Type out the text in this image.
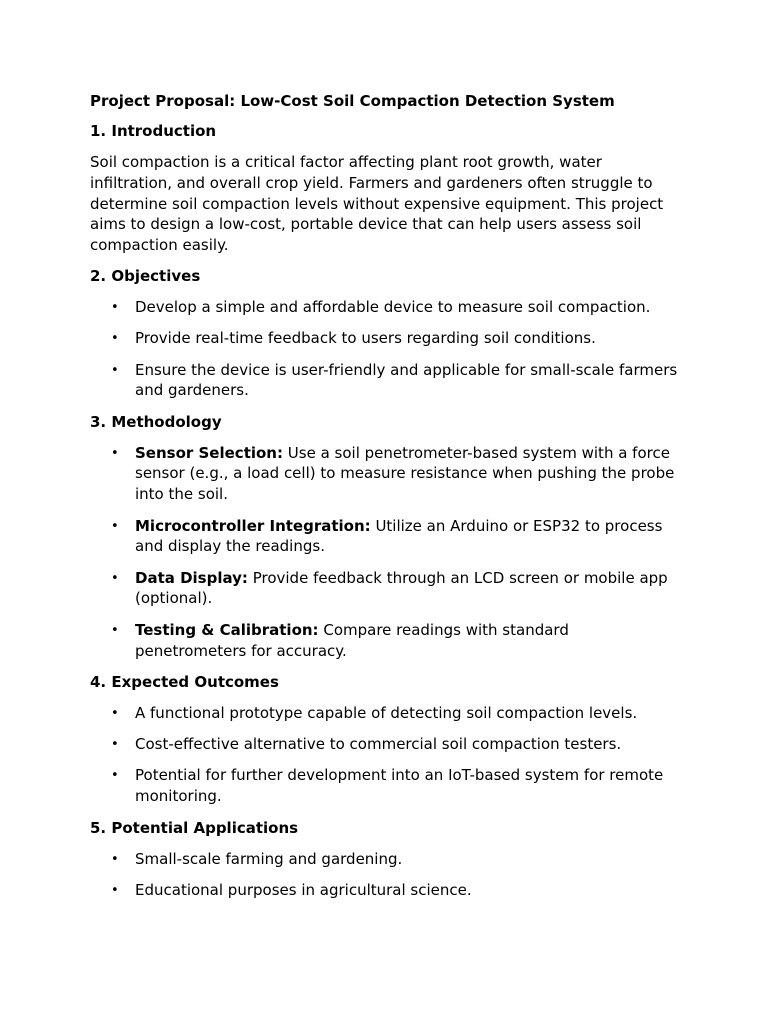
Project Proposal: Low-Cost Soil Compaction Detection System
1. Introduction

Soil compaction is a critical factor affecting plant root growth, water infiltration, and overall crop yield. Farmers and gardeners often struggle to determine soil compaction levels without expensive equipment. This project aims to design a low-cost, portable device that can help users assess soil compaction easily.

2. Objectives
• Develop a simple and affordable device to measure soil compaction.
• Provide real-time feedback to users regarding soil conditions.
• Ensure the device is user-friendly and applicable for small-scale farmers and gardeners.
3. Methodology
• Sensor Selection: Use a soil penetrometer-based system with a force sensor (e.g., a load cell) to measure resistance when pushing the probe into the soil.
• Microcontroller Integration: Utilize an Arduino or ESP32 to process and display the readings.
• Data Display: Provide feedback through an LCD screen or mobile app (optional).
• Testing & Calibration: Compare readings with standard penetrometers for accuracy.
4. Expected Outcomes
• A functional prototype capable of detecting soil compaction levels.
• Cost-effective alternative to commercial soil compaction testers.
• Potential for further development into an IoT-based system for remote monitoring.
5. Potential Applications
• Small-scale farming and gardening.
• Educational purposes in agricultural science.
